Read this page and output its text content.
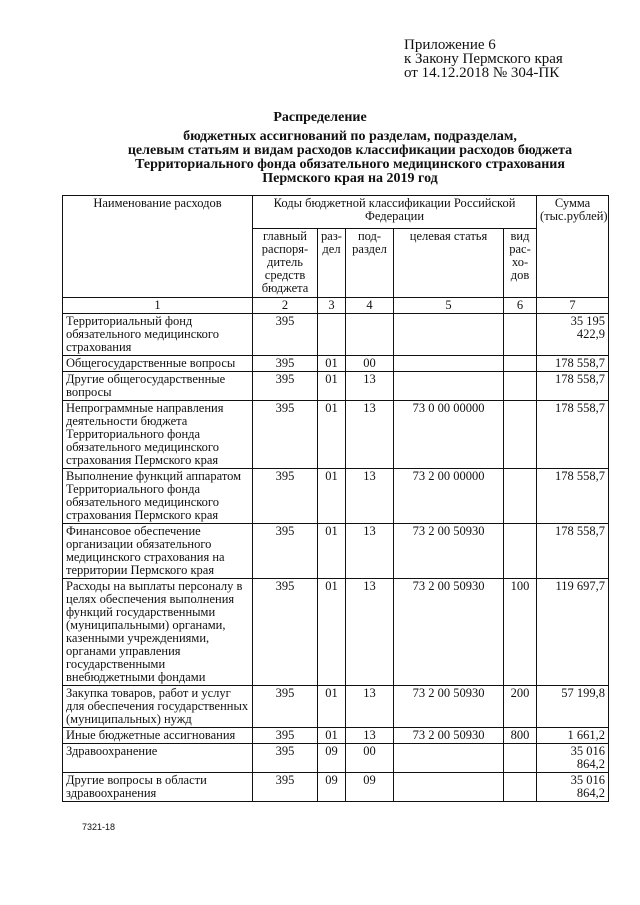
Приложение 6
к Закону Пермского края
от 14.12.2018 № 304-ПК
Распределение
бюджетных ассигнований по разделам, подразделам,
целевым статьям и видам расходов классификации расходов бюджета
Территориального фонда обязательного медицинского страхования
Пермского края на 2019 год
Наименование расходов	Коды бюджетной классификации Российской Федерации					Сумма (тыс.рублей)
	главный распоря-дитель средств бюджета	раз-дел	под-раздел	целевая статья	вид рас-хо-дов	
1	2	3	4	5	6	7
Территориальный фонд обязательного медицинского страхования	395					35 195 422,9
Общегосударственные вопросы	395	01	00			178 558,7
Другие общегосударственные вопросы	395	01	13			178 558,7
Непрограммные направления деятельности бюджета Территориального фонда обязательного медицинского страхования Пермского края	395	01	13	73 0 00 00000		178 558,7
Выполнение функций аппаратом Территориального фонда обязательного медицинского страхования Пермского края	395	01	13	73 2 00 00000		178 558,7
Финансовое обеспечение организации обязательного медицинского страхования на территории Пермского края	395	01	13	73 2 00 50930		178 558,7
Расходы на выплаты персоналу в целях обеспечения выполнения функций государственными (муниципальными) органами, казенными учреждениями, органами управления государственными внебюджетными фондами	395	01	13	73 2 00 50930	100	119 697,7
Закупка товаров, работ и услуг для обеспечения государственных (муниципальных) нужд	395	01	13	73 2 00 50930	200	57 199,8
Иные бюджетные ассигнования	395	01	13	73 2 00 50930	800	1 661,2
Здравоохранение	395	09	00			35 016 864,2
Другие вопросы в области здравоохранения	395	09	09			35 016 864,2
7321-18
